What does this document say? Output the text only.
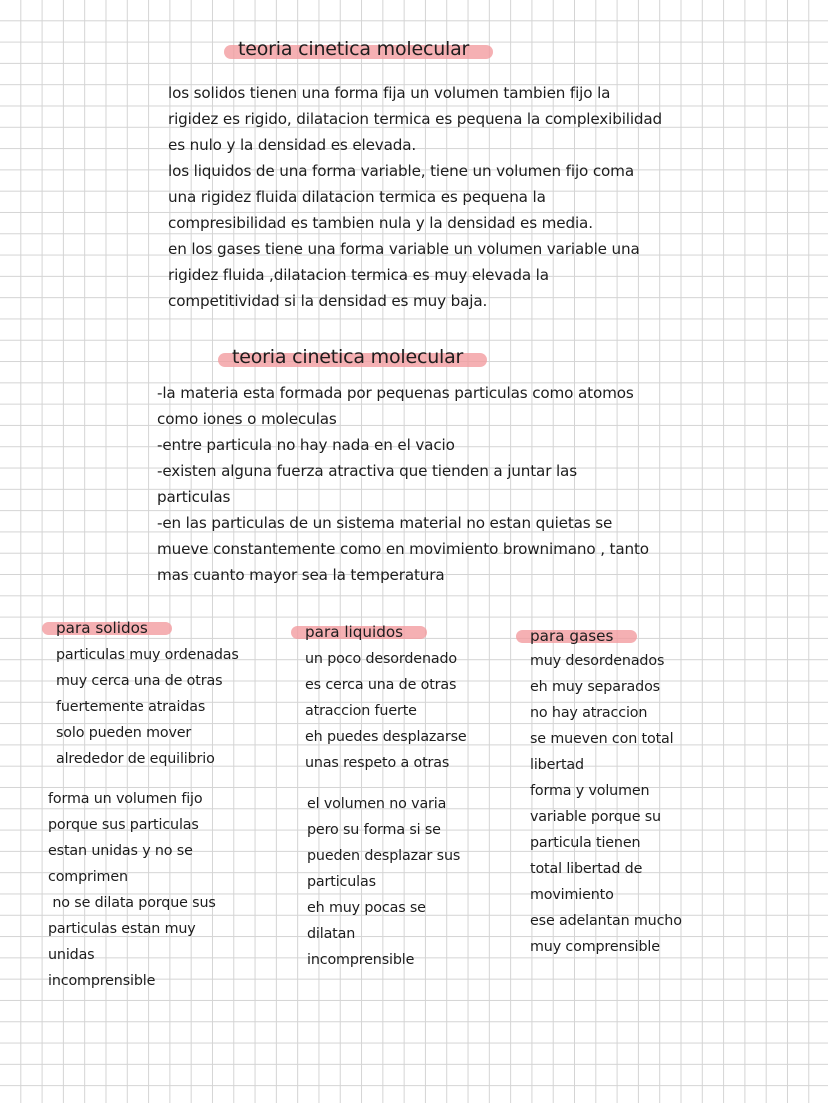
teoria cinetica molecular
los solidos tienen una forma fija un volumen tambien fijo la
rigidez es rigido, dilatacion termica es pequena la complexibilidad
es nulo y la densidad es elevada.
los liquidos de una forma variable, tiene un volumen fijo coma
una rigidez fluida dilatacion termica es pequena la
compresibilidad es tambien nula y la densidad es media.
en los gases tiene una forma variable un volumen variable una
rigidez fluida ,dilatacion termica es muy elevada la
competitividad si la densidad es muy baja.
teoria cinetica molecular
-la materia esta formada por pequenas particulas como atomos
como iones o moleculas
-entre particula no hay nada en el vacio
-existen alguna fuerza atractiva que tienden a juntar las
particulas
-en las particulas de un sistema material no estan quietas se
mueve constantemente como en movimiento brownimano , tanto
mas cuanto mayor sea la temperatura
para solidos
particulas muy ordenadas
muy cerca una de otras
fuertemente atraidas
solo pueden mover
alrededor de equilibrio
forma un volumen fijo
porque sus particulas
estan unidas y no se
comprimen
no se dilata porque sus
particulas estan muy
unidas
incomprensible
para liquidos
un poco desordenado
es cerca una de otras
atraccion fuerte
eh puedes desplazarse
unas respeto a otras
el volumen no varia
pero su forma si se
pueden desplazar sus
particulas
eh muy pocas se
dilatan
incomprensible
para gases
muy desordenados
eh muy separados
no hay atraccion
se mueven con total
libertad
forma y volumen
variable porque su
particula tienen
total libertad de
movimiento
ese adelantan mucho
muy comprensible
